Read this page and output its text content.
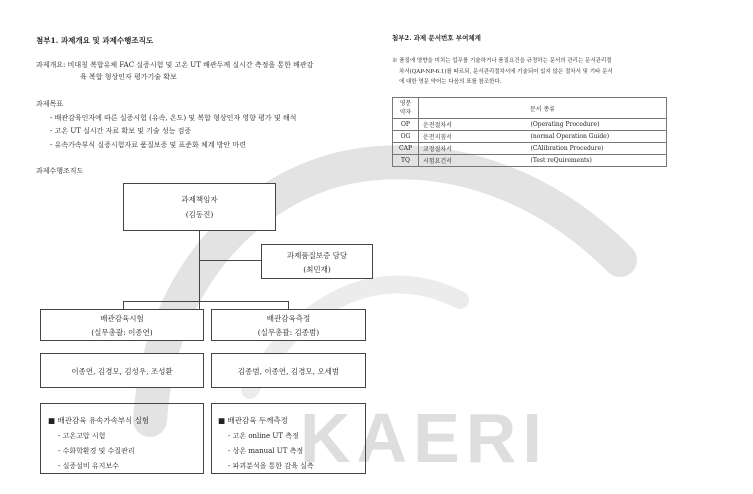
KAERI
첨부1. 과제개요 및 과제수행조직도
과제개요: 비대칭 복합유체 FAC 실증시험 및 고온 UT 배관두께 실시간 측정을 통한 배관감
육 복합 형상인자 평가기술 확보
과제목표
- 배관감육인자에 따른 실증시험 (유속, 온도) 및 복합 형상인자 영향 평가 및 해석
- 고온 UT 실시간 자료 확보 및 기술 성능 검증
- 유속가속부식 실증시험자료 품질보증 및 표준화 체계 방안 마련
과제수행조직도
과제책임자
(김동진)
과제품질보증 담당
(최민재)
배관감육시험
(실무총괄: 이종연)
배관감육측정
(실무총괄: 김종범)
이종연, 김경모, 김성우, 조성환	김종범, 이종연, 김경모, 오세범
■ 배관감육 유속가속부식 실험
- 고온고압 시험
- 수화학환경 및 수질관리
- 실증설비 유지보수
■ 배관감육 두께측정
- 고온 online UT 측정
- 상온 manual UT 측정
- 파괴분석을 통한 감육 실측
첨부2. 과제 문서번호 부여체계
※ 품질에 영향을 미치는 업무를 기술하거나 품질요건을 규정하는 문서의 관리는 문서관리절
차서(QAP-NP-6.1)를 따르되, 문서관리절차서에 기술되어 있지 않은 절차서 및 기타 문서
에 대한 영문 약어는 다음의 표를 참조한다.
영문
약자	문서 종류	
OP	운전절차서	(Operating Procedure)
OG	운전지침서	(normal Operation Guide)
CAP	교정절차서	(CAlibration Procedure)
TQ	시험요건서	(Test reQuirements)
